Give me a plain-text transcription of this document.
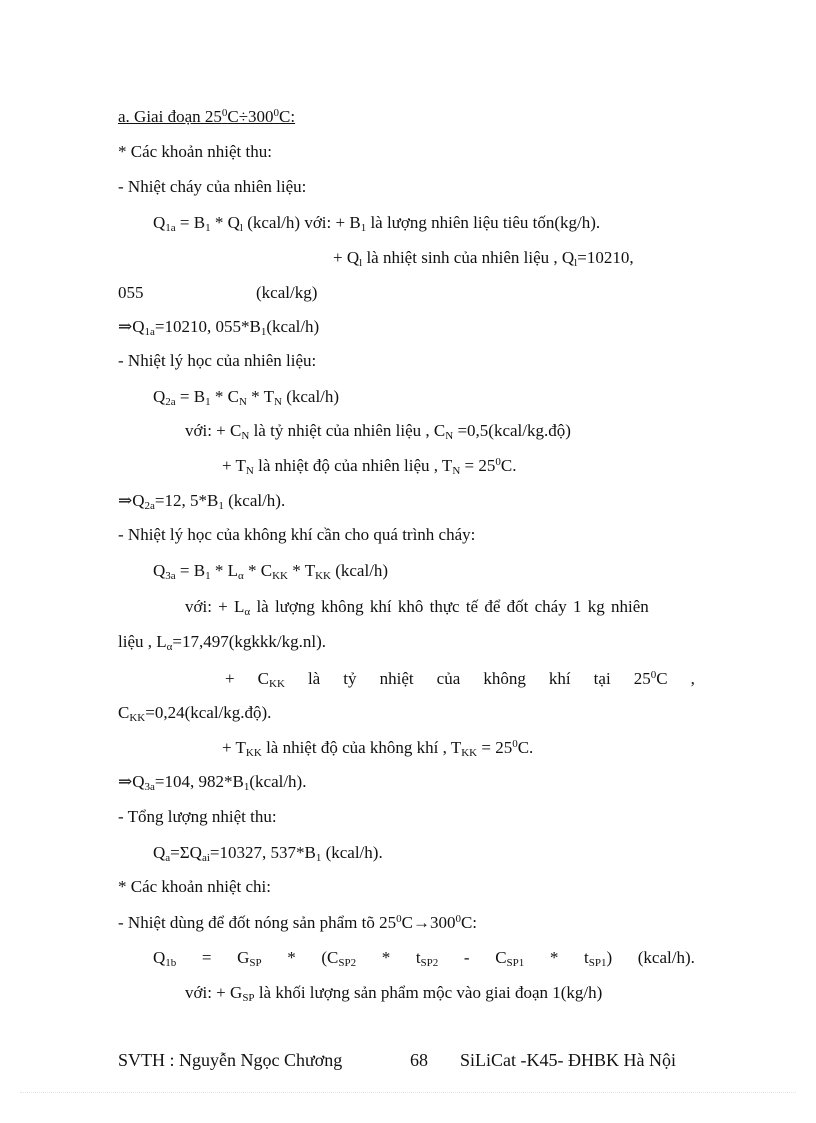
a. Giai đoạn $25^0C\div 300^0C$:
* Các khoản nhiệt thu:
- Nhiệt cháy của nhiên liệu:
$Q_{1a} = B_1 * Q_l$ (kcal/h) với: + $B_1$ là lượng nhiên liệu tiêu tốn(kg/h).
+ $Q_l$ là nhiệt sinh của nhiên liệu , $Q_l=10210$,
055	(kcal/kg)
$\Rightarrow Q_{1a}=10210$, $055*B_1(kcal/h)$
- Nhiệt lý học của nhiên liệu:
$Q_{2a} = B_1 * C_N * T_N$ (kcal/h)
với: + $C_N$ là tỷ nhiệt của nhiên liệu , $C_N$ =0,5(kcal/kg.độ)
+ $T_N$ là nhiệt độ của nhiên liệu , $T_N = 25^0C$.
$\Rightarrow Q_{2a}=12$, $5*B_1$ (kcal/h).
- Nhiệt lý học của không khí cần cho quá trình cháy:
$Q_{3a} = B_1 * L_\alpha * C_{KK} * T_{KK}$ (kcal/h)
với: + $L_\alpha$ là lượng không khí khô thực tế để đốt cháy 1 kg nhiên
liệu , $L_\alpha=17,497(kgkkk/kg.nl)$.
+ $C_{KK}$ là tỷ nhiệt của không khí tại $25^0C$ ,
$C_{KK}=0,24(kcal/kg.độ)$.
+ $T_{KK}$ là nhiệt độ của không khí , $T_{KK} = 25^0C$.
$\Rightarrow Q_{3a}=104$, $982*B_1(kcal/h)$.
- Tổng lượng nhiệt thu:
$Q_a=\Sigma Q_{ai}=10327$, $537*B_1$ (kcal/h).
* Các khoản nhiệt chi:
- Nhiệt dùng để đốt nóng sản phẩm tõ $25^0C\to 300^0C$:
$Q_{1b} = G_{SP} * (C_{SP2} * t_{SP2} - C_{SP1} * t_{SP1})$ (kcal/h).
với: + $G_{SP}$ là khối lượng sản phẩm mộc vào giai đoạn 1(kg/h)
SVTH : Nguyễn Ngọc Chương	68 SiLiCat -K45- ĐHBK Hà Nội
